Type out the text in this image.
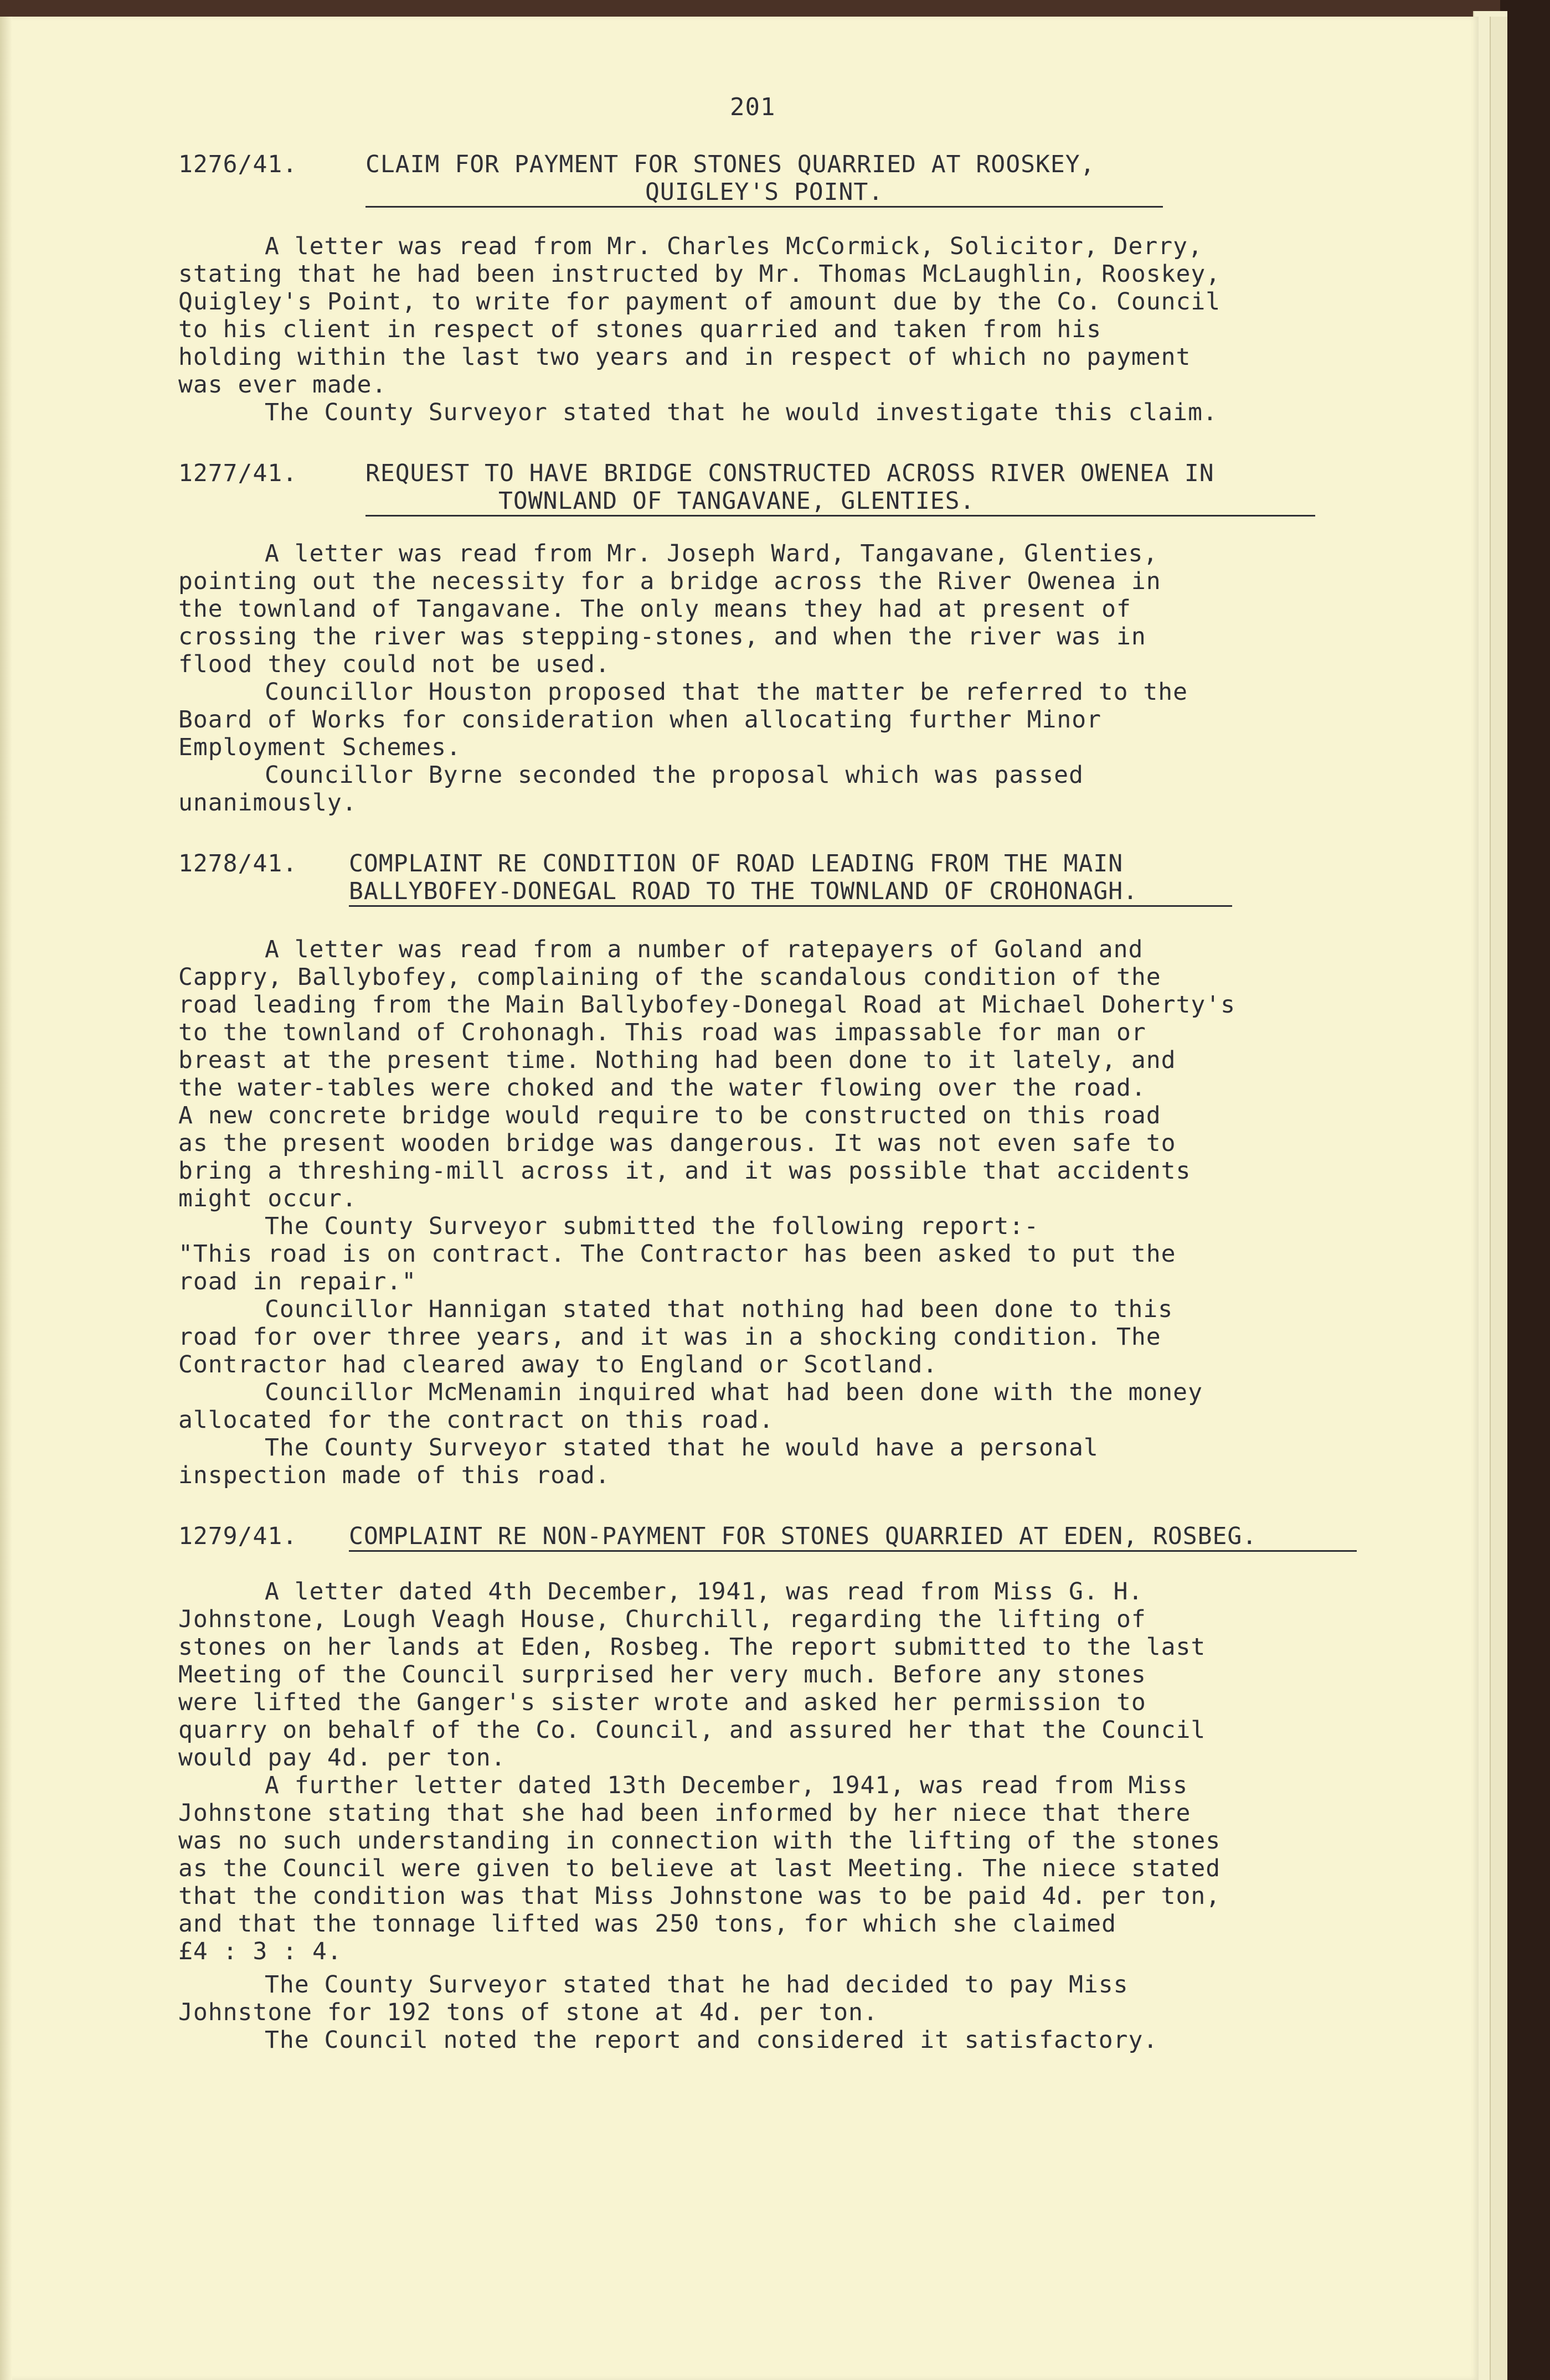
201
1276/41.	CLAIM FOR PAYMENT FOR STONES QUARRIED AT ROOSKEY,
QUIGLEY'S POINT.
A letter was read from Mr. Charles McCormick, Solicitor, Derry,
stating that he had been instructed by Mr. Thomas McLaughlin, Rooskey,
Quigley's Point, to write for payment of amount due by the Co. Council
to his client in respect of stones quarried and taken from his
holding within the last two years and in respect of which no payment
was ever made.
The County Surveyor stated that he would investigate this claim.
1277/41.	REQUEST TO HAVE BRIDGE CONSTRUCTED ACROSS RIVER OWENEA IN
TOWNLAND OF TANGAVANE, GLENTIES.
A letter was read from Mr. Joseph Ward, Tangavane, Glenties,
pointing out the necessity for a bridge across the River Owenea in
the townland of Tangavane. The only means they had at present of
crossing the river was stepping-stones, and when the river was in
flood they could not be used.
Councillor Houston proposed that the matter be referred to the
Board of Works for consideration when allocating further Minor
Employment Schemes.
Councillor Byrne seconded the proposal which was passed
unanimously.
1278/41. COMPLAINT RE CONDITION OF ROAD LEADING FROM THE MAIN
BALLYBOFEY-DONEGAL ROAD TO THE TOWNLAND OF CROHONAGH.
A letter was read from a number of ratepayers of Goland and
Cappry, Ballybofey, complaining of the scandalous condition of the
road leading from the Main Ballybofey-Donegal Road at Michael Doherty's
to the townland of Crohonagh. This road was impassable for man or
breast at the present time. Nothing had been done to it lately, and
the water-tables were choked and the water flowing over the road.
A new concrete bridge would require to be constructed on this road
as the present wooden bridge was dangerous. It was not even safe to
bring a threshing-mill across it, and it was possible that accidents
might occur.
The County Surveyor submitted the following report:-
"This road is on contract. The Contractor has been asked to put the
road in repair."
Councillor Hannigan stated that nothing had been done to this
road for over three years, and it was in a shocking condition. The
Contractor had cleared away to England or Scotland.
Councillor McMenamin inquired what had been done with the money
allocated for the contract on this road.
The County Surveyor stated that he would have a personal
inspection made of this road.
1279/41. COMPLAINT RE NON-PAYMENT FOR STONES QUARRIED AT EDEN, ROSBEG.
A letter dated 4th December, 1941, was read from Miss G. H.
Johnstone, Lough Veagh House, Churchill, regarding the lifting of
stones on her lands at Eden, Rosbeg. The report submitted to the last
Meeting of the Council surprised her very much. Before any stones
were lifted the Ganger's sister wrote and asked her permission to
quarry on behalf of the Co. Council, and assured her that the Council
would pay 4d. per ton.
A further letter dated 13th December, 1941, was read from Miss
Johnstone stating that she had been informed by her niece that there
was no such understanding in connection with the lifting of the stones
as the Council were given to believe at last Meeting. The niece stated
that the condition was that Miss Johnstone was to be paid 4d. per ton,
and that the tonnage lifted was 250 tons, for which she claimed
£4 : 3 : 4.
The County Surveyor stated that he had decided to pay Miss
Johnstone for 192 tons of stone at 4d. per ton.
The Council noted the report and considered it satisfactory.
